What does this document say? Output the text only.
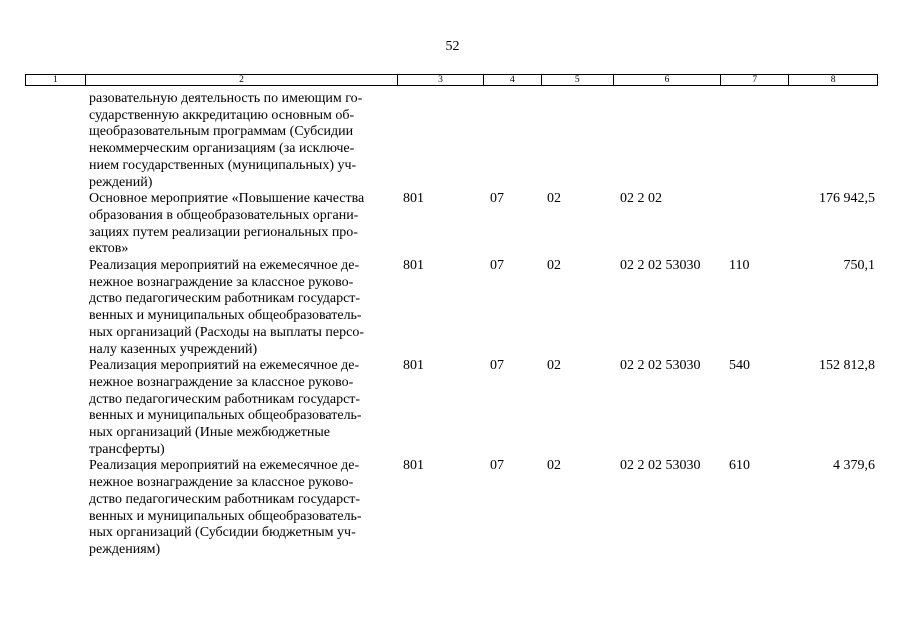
52
1	2	3	4	5	6	7	8
разовательную деятельность по имеющим го-
сударственную аккредитацию основным об-
щеобразовательным программам (Субсидии
некоммерческим организациям (за исключе-
нием государственных (муниципальных) уч-
реждений)
Основное мероприятие «Повышение качества
образования в общеобразовательных органи-
зациях путем реализации региональных про-
ектов»
801	07	02	02 2 02	176 942,5
Реализация мероприятий на ежемесячное де-
нежное вознаграждение за классное руково-
дство педагогическим работникам государст-
венных и муниципальных общеобразователь-
ных организаций (Расходы на выплаты персо-
налу казенных учреждений)
801	07	02	02 2 02 53030 110	750,1
Реализация мероприятий на ежемесячное де-
нежное вознаграждение за классное руково-
дство педагогическим работникам государст-
венных и муниципальных общеобразователь-
ных организаций (Иные межбюджетные
трансферты)
801	07	02	02 2 02 53030 540	152 812,8
Реализация мероприятий на ежемесячное де-
нежное вознаграждение за классное руково-
дство педагогическим работникам государст-
венных и муниципальных общеобразователь-
ных организаций (Субсидии бюджетным уч-
реждениям)
801	07	02	02 2 02 53030 610	4 379,6
